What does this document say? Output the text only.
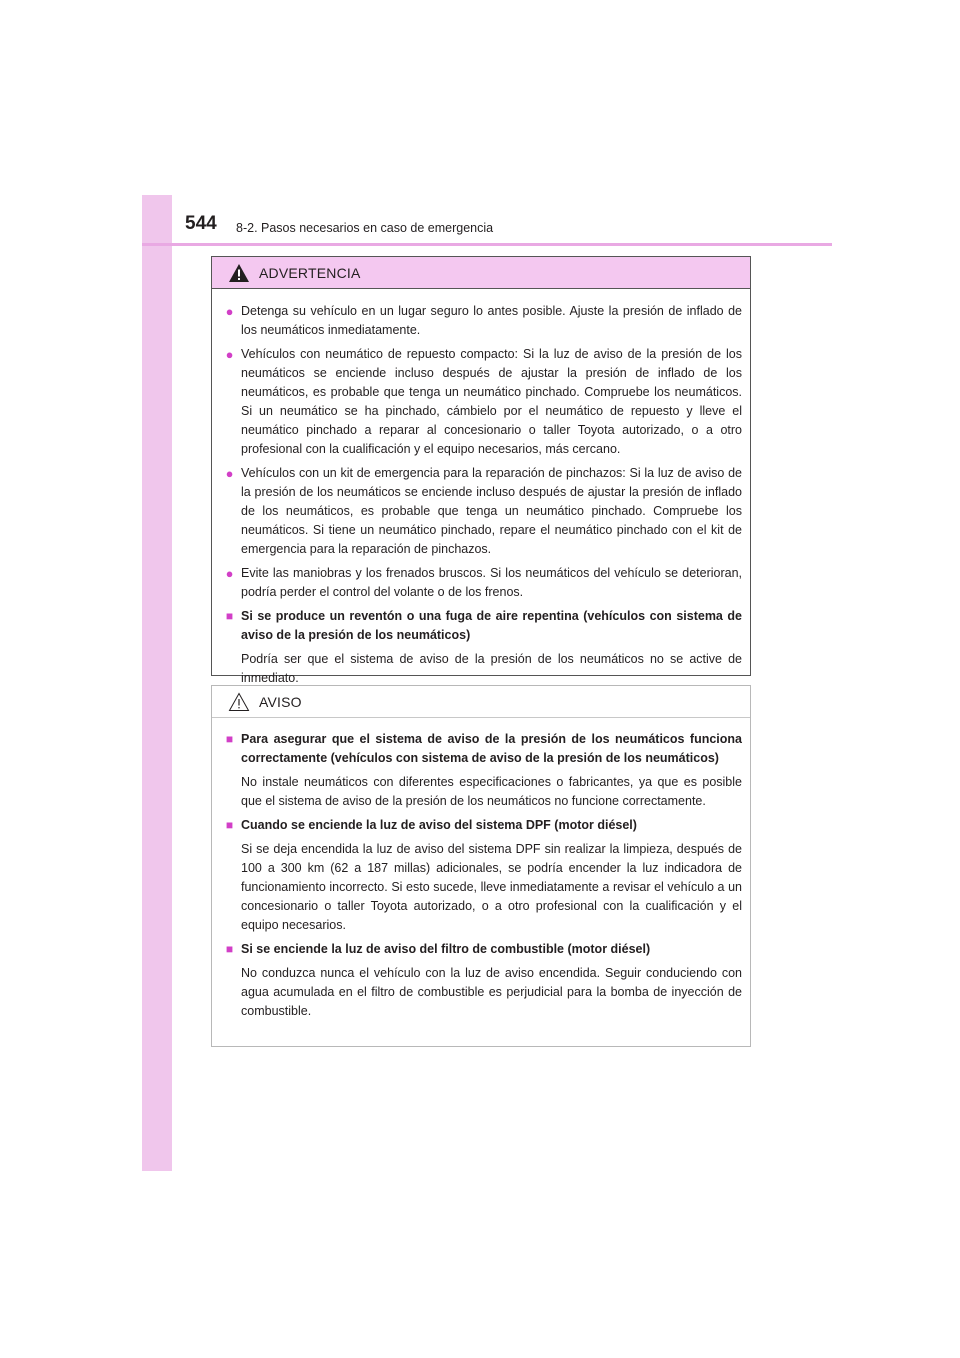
544 8-2. Pasos necesarios en caso de emergencia
ADVERTENCIA
● Detenga su vehículo en un lugar seguro lo antes posible. Ajuste la presión de inflado de los neumáticos inmediatamente.

● Vehículos con neumático de repuesto compacto: Si la luz de aviso de la presión de los neumáticos se enciende incluso después de ajustar la presión de inflado de los neumáticos, es probable que tenga un neumático pinchado. Compruebe los neumáticos. Si un neumático se ha pinchado, cámbielo por el neumático de repuesto y lleve el neumático pinchado a reparar al concesionario o taller Toyota autorizado, o a otro profesional con la cualificación y el equipo necesarios, más cercano.

● Vehículos con un kit de emergencia para la reparación de pinchazos: Si la luz de aviso de la presión de los neumáticos se enciende incluso después de ajustar la presión de inflado de los neumáticos, es probable que tenga un neumático pinchado. Compruebe los neumáticos. Si tiene un neumático pinchado, repare el neumático pinchado con el kit de emergencia para la reparación de pinchazos.

● Evite las maniobras y los frenados bruscos. Si los neumáticos del vehículo se deterioran, podría perder el control del volante o de los frenos.

■ Si se produce un reventón o una fuga de aire repentina (vehículos con sistema de aviso de la presión de los neumáticos)

Podría ser que el sistema de aviso de la presión de los neumáticos no se active de inmediato.

AVISO
■ Para asegurar que el sistema de aviso de la presión de los neumáticos funciona correctamente (vehículos con sistema de aviso de la presión de los neumáticos)

No instale neumáticos con diferentes especificaciones o fabricantes, ya que es posible que el sistema de aviso de la presión de los neumáticos no funcione correctamente.

■ Cuando se enciende la luz de aviso del sistema DPF (motor diésel)

Si se deja encendida la luz de aviso del sistema DPF sin realizar la limpieza, después de 100 a 300 km (62 a 187 millas) adicionales, se podría encender la luz indicadora de funcionamiento incorrecto. Si esto sucede, lleve inmediatamente a revisar el vehículo a un concesionario o taller Toyota autorizado, o a otro profesional con la cualificación y el equipo necesarios.

■ Si se enciende la luz de aviso del filtro de combustible (motor diésel)

No conduzca nunca el vehículo con la luz de aviso encendida. Seguir conduciendo con agua acumulada en el filtro de combustible es perjudicial para la bomba de inyección de combustible.
